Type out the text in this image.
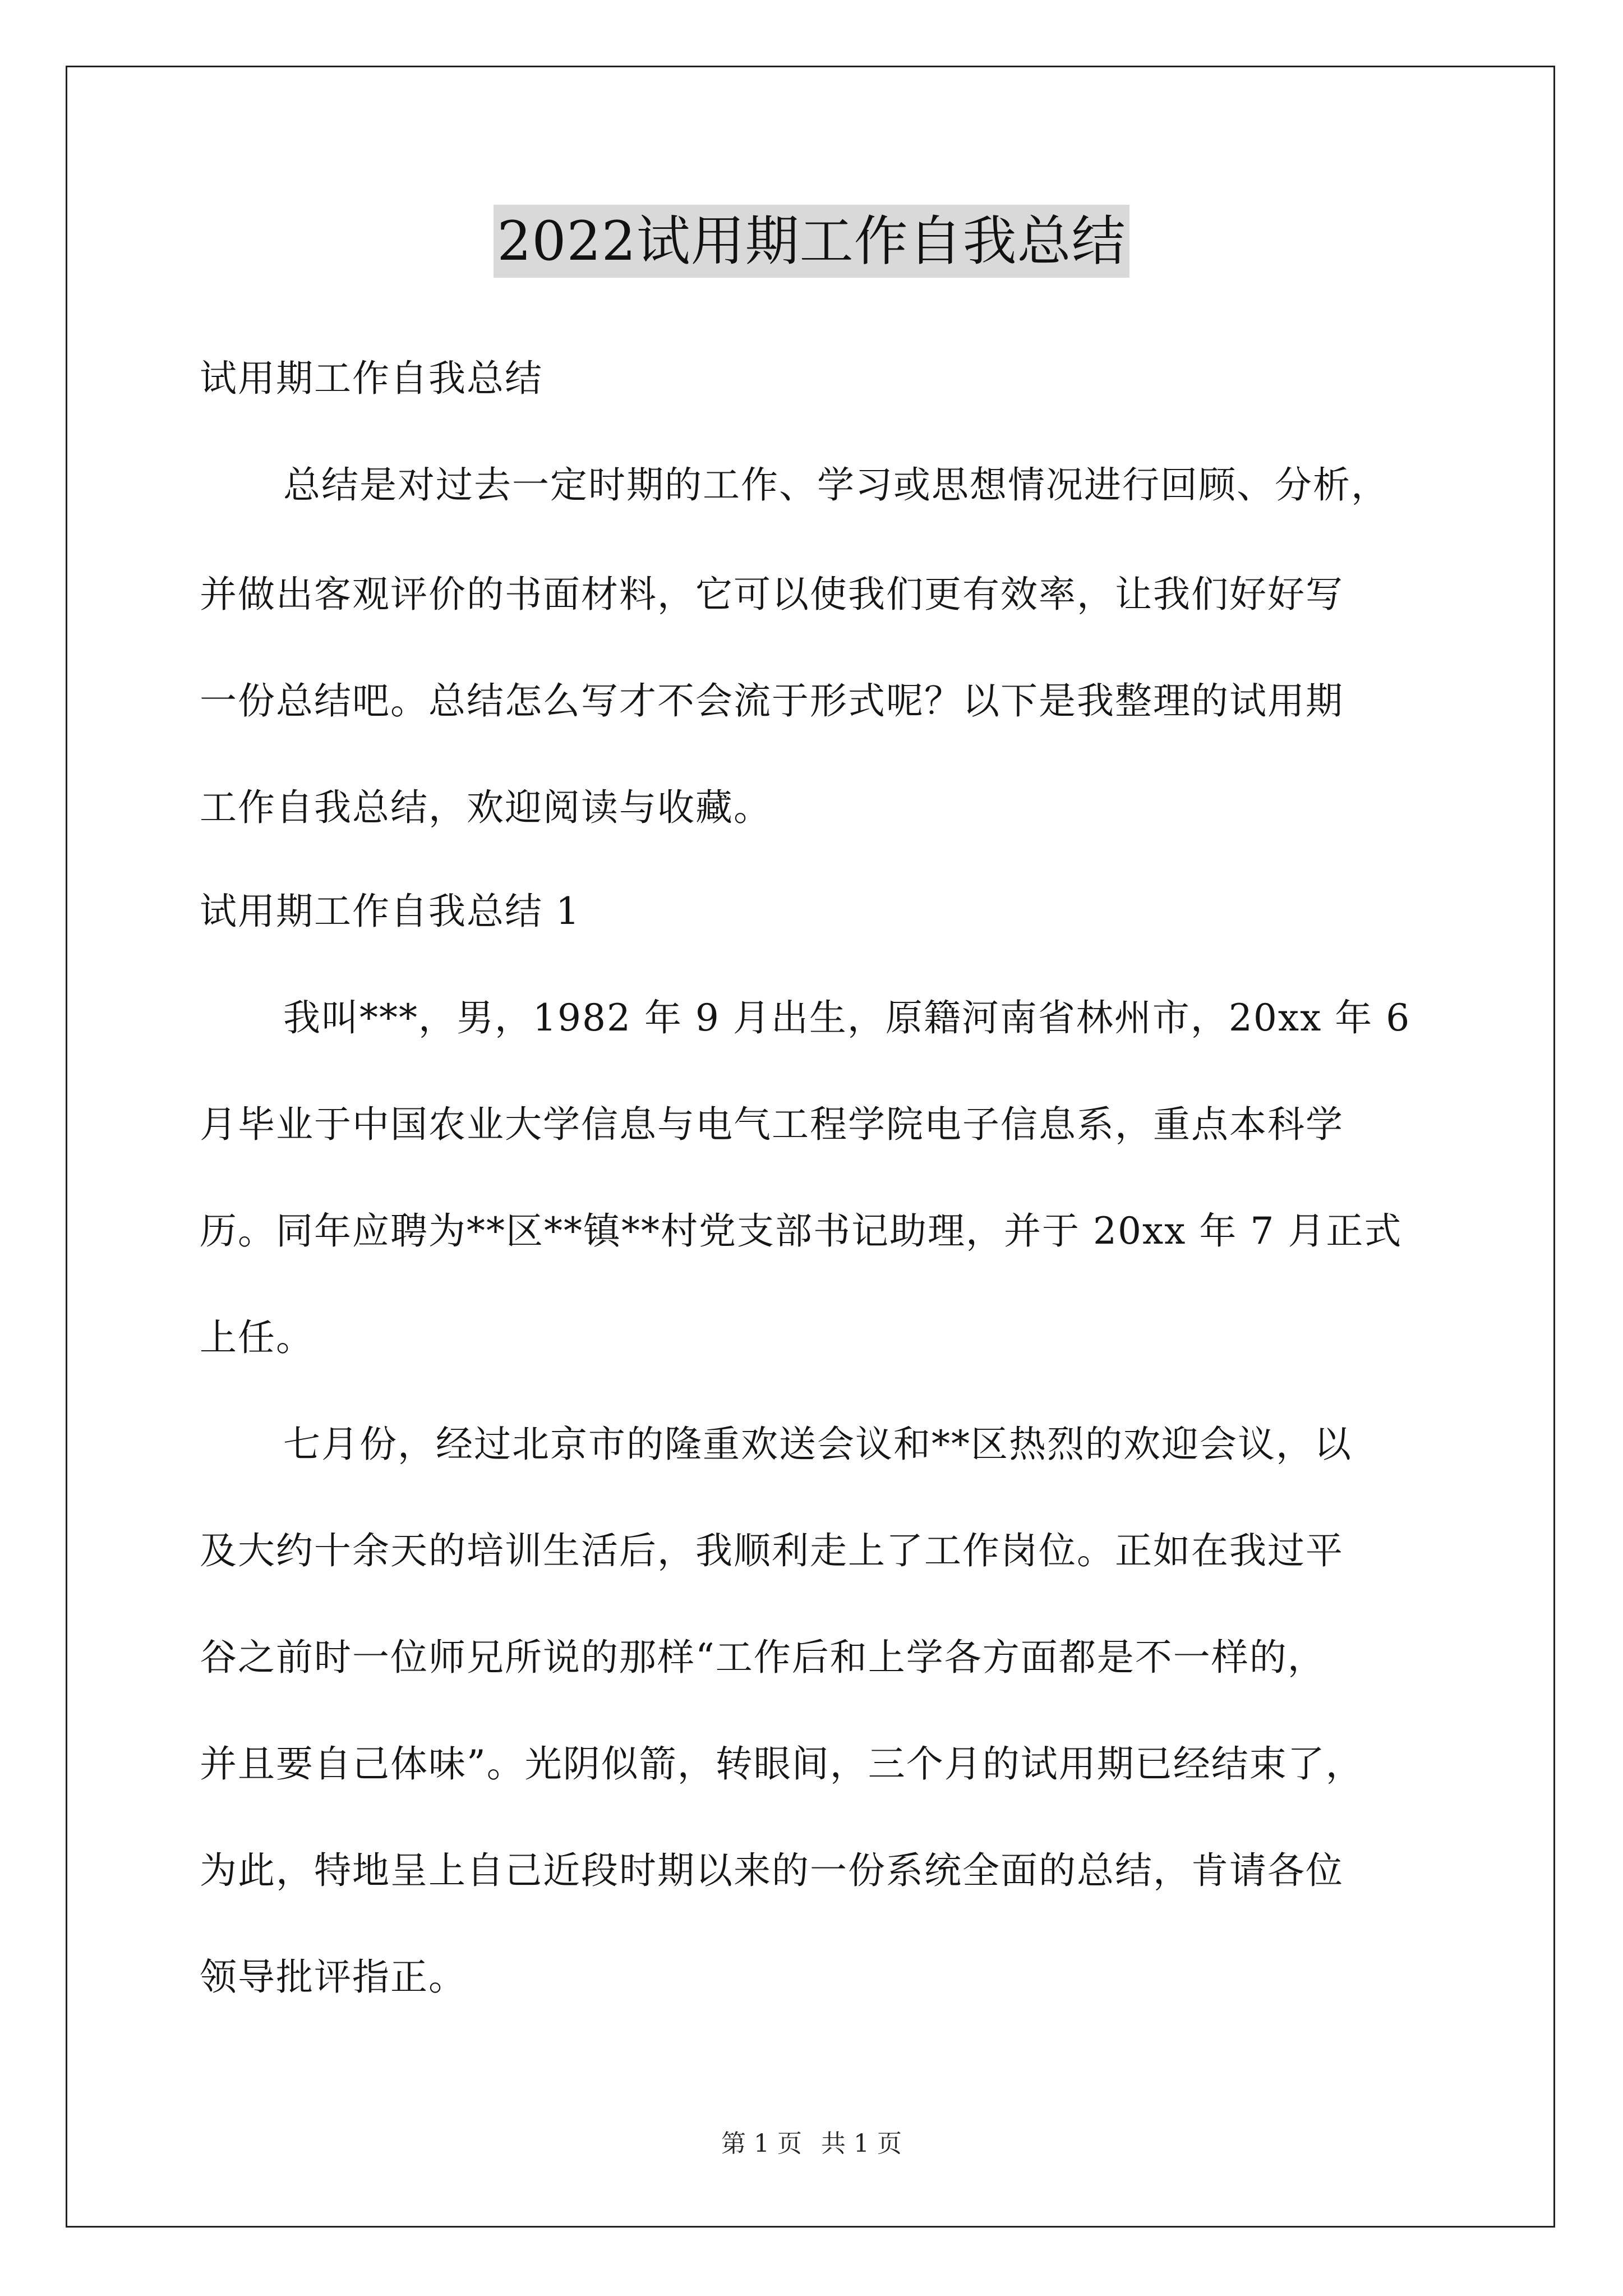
2022试用期工作自我总结
试用期工作自我总结
总结是对过去一定时期的工作、学习或思想情况进行回顾、分析，
并做出客观评价的书面材料，它可以使我们更有效率，让我们好好写
一份总结吧。总结怎么写才不会流于形式呢？以下是我整理的试用期
工作自我总结，欢迎阅读与收藏。
试用期工作自我总结 1
我叫***，男，1982 年 9 月出生，原籍河南省林州市，20xx 年 6
月毕业于中国农业大学信息与电气工程学院电子信息系，重点本科学
历。同年应聘为**区**镇**村党支部书记助理，并于 20xx 年 7 月正式
上任。
七月份，经过北京市的隆重欢送会议和**区热烈的欢迎会议，以
及大约十余天的培训生活后，我顺利走上了工作岗位。正如在我过平
谷之前时一位师兄所说的那样“工作后和上学各方面都是不一样的，
并且要自己体味”。光阴似箭，转眼间，三个月的试用期已经结束了，
为此，特地呈上自己近段时期以来的一份系统全面的总结，肯请各位
领导批评指正。
第 1 页 共 1 页
